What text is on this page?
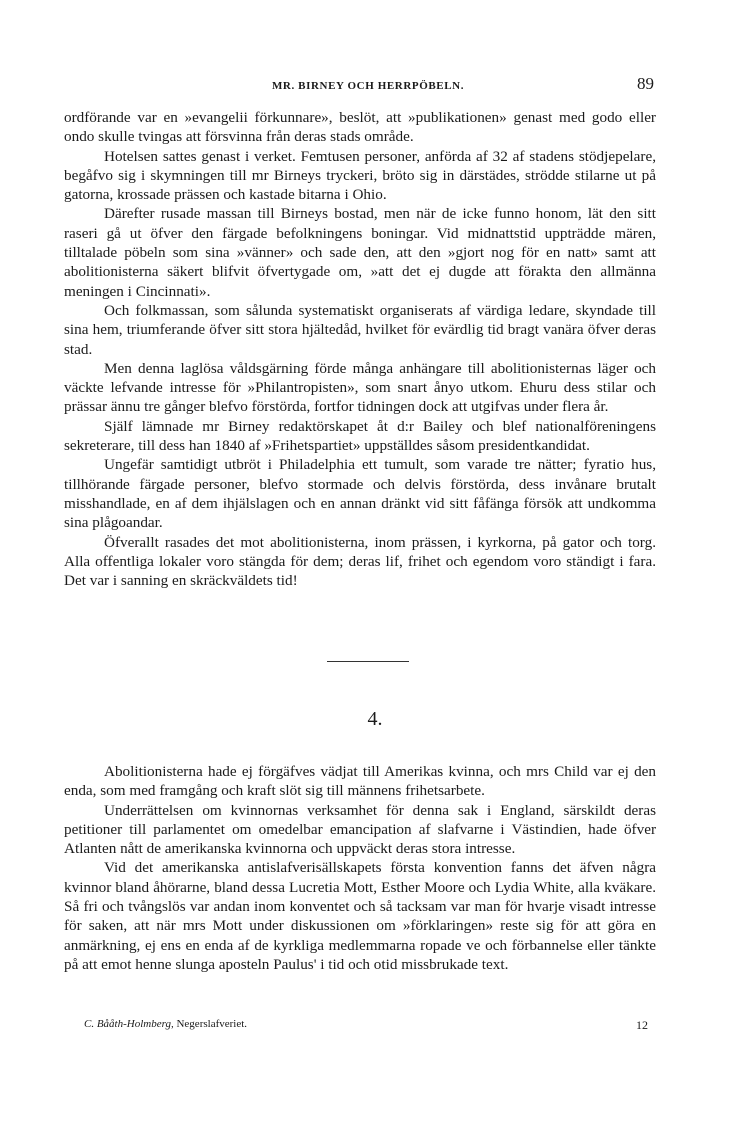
MR. BIRNEY OCH HERRPÖBELN.	89

ordförande var en »evangelii förkunnare», beslöt, att »publikationen» genast med godo eller ondo skulle tvingas att försvinna från deras stads område.

Hotelsen sattes genast i verket. Femtusen personer, anförda af 32 af stadens stödjepelare, begåfvo sig i skymningen till mr Birneys tryckeri, bröto sig in därstädes, strödde stilarne ut på gatorna, krossade prässen och kastade bitarna i Ohio.

Därefter rusade massan till Birneys bostad, men när de icke funno honom, lät den sitt raseri gå ut öfver den färgade befolkningens boningar. Vid midnattstid uppträdde mären, tilltalade pöbeln som sina »vänner» och sade den, att den »gjort nog för en natt» samt att abolitionisterna säkert blifvit öfvertygade om, »att det ej dugde att förakta den allmänna meningen i Cincinnati».

Och folkmassan, som sålunda systematiskt organiserats af värdiga ledare, skyndade till sina hem, triumferande öfver sitt stora hjältedåd, hvilket för evärdlig tid bragt vanära öfver deras stad.

Men denna laglösa våldsgärning förde många anhängare till abolitionisternas läger och väckte lefvande intresse för »Philantropisten», som snart ånyo utkom. Ehuru dess stilar och prässar ännu tre gånger blefvo förstörda, fortfor tidningen dock att utgifvas under flera år.

Själf lämnade mr Birney redaktörskapet åt d:r Bailey och blef nationalföreningens sekreterare, till dess han 1840 af »Frihetspartiet» uppställdes såsom presidentkandidat.

Ungefär samtidigt utbröt i Philadelphia ett tumult, som varade tre nätter; fyratio hus, tillhörande färgade personer, blefvo stormade och delvis förstörda, dess invånare brutalt misshandlade, en af dem ihjälslagen och en annan dränkt vid sitt fåfänga försök att undkomma sina plågoandar.

Öfverallt rasades det mot abolitionisterna, inom prässen, i kyrkorna, på gator och torg. Alla offentliga lokaler voro stängda för dem; deras lif, frihet och egendom voro ständigt i fara. Det var i sanning en skräckväldets tid!

4.

Abolitionisterna hade ej förgäfves vädjat till Amerikas kvinna, och mrs Child var ej den enda, som med framgång och kraft slöt sig till männens frihetsarbete.

Underrättelsen om kvinnornas verksamhet för denna sak i England, särskildt deras petitioner till parlamentet om omedelbar emancipation af slafvarne i Västindien, hade öfver Atlanten nått de amerikanska kvinnorna och uppväckt deras stora intresse.

Vid det amerikanska antislafverisällskapets första konvention fanns det äfven några kvinnor bland åhörarne, bland dessa Lucretia Mott, Esther Moore och Lydia White, alla kväkare. Så fri och tvångslös var andan inom konventet och så tacksam var man för hvarje visadt intresse för saken, att när mrs Mott under diskussionen om »förklaringen» reste sig för att göra en anmärkning, ej ens en enda af de kyrkliga medlemmarna ropade ve och förbannelse eller tänkte på att emot henne slunga aposteln Paulus' i tid och otid missbrukade text.

C. Bååth-Holmberg, Negerslafveriet.	12
